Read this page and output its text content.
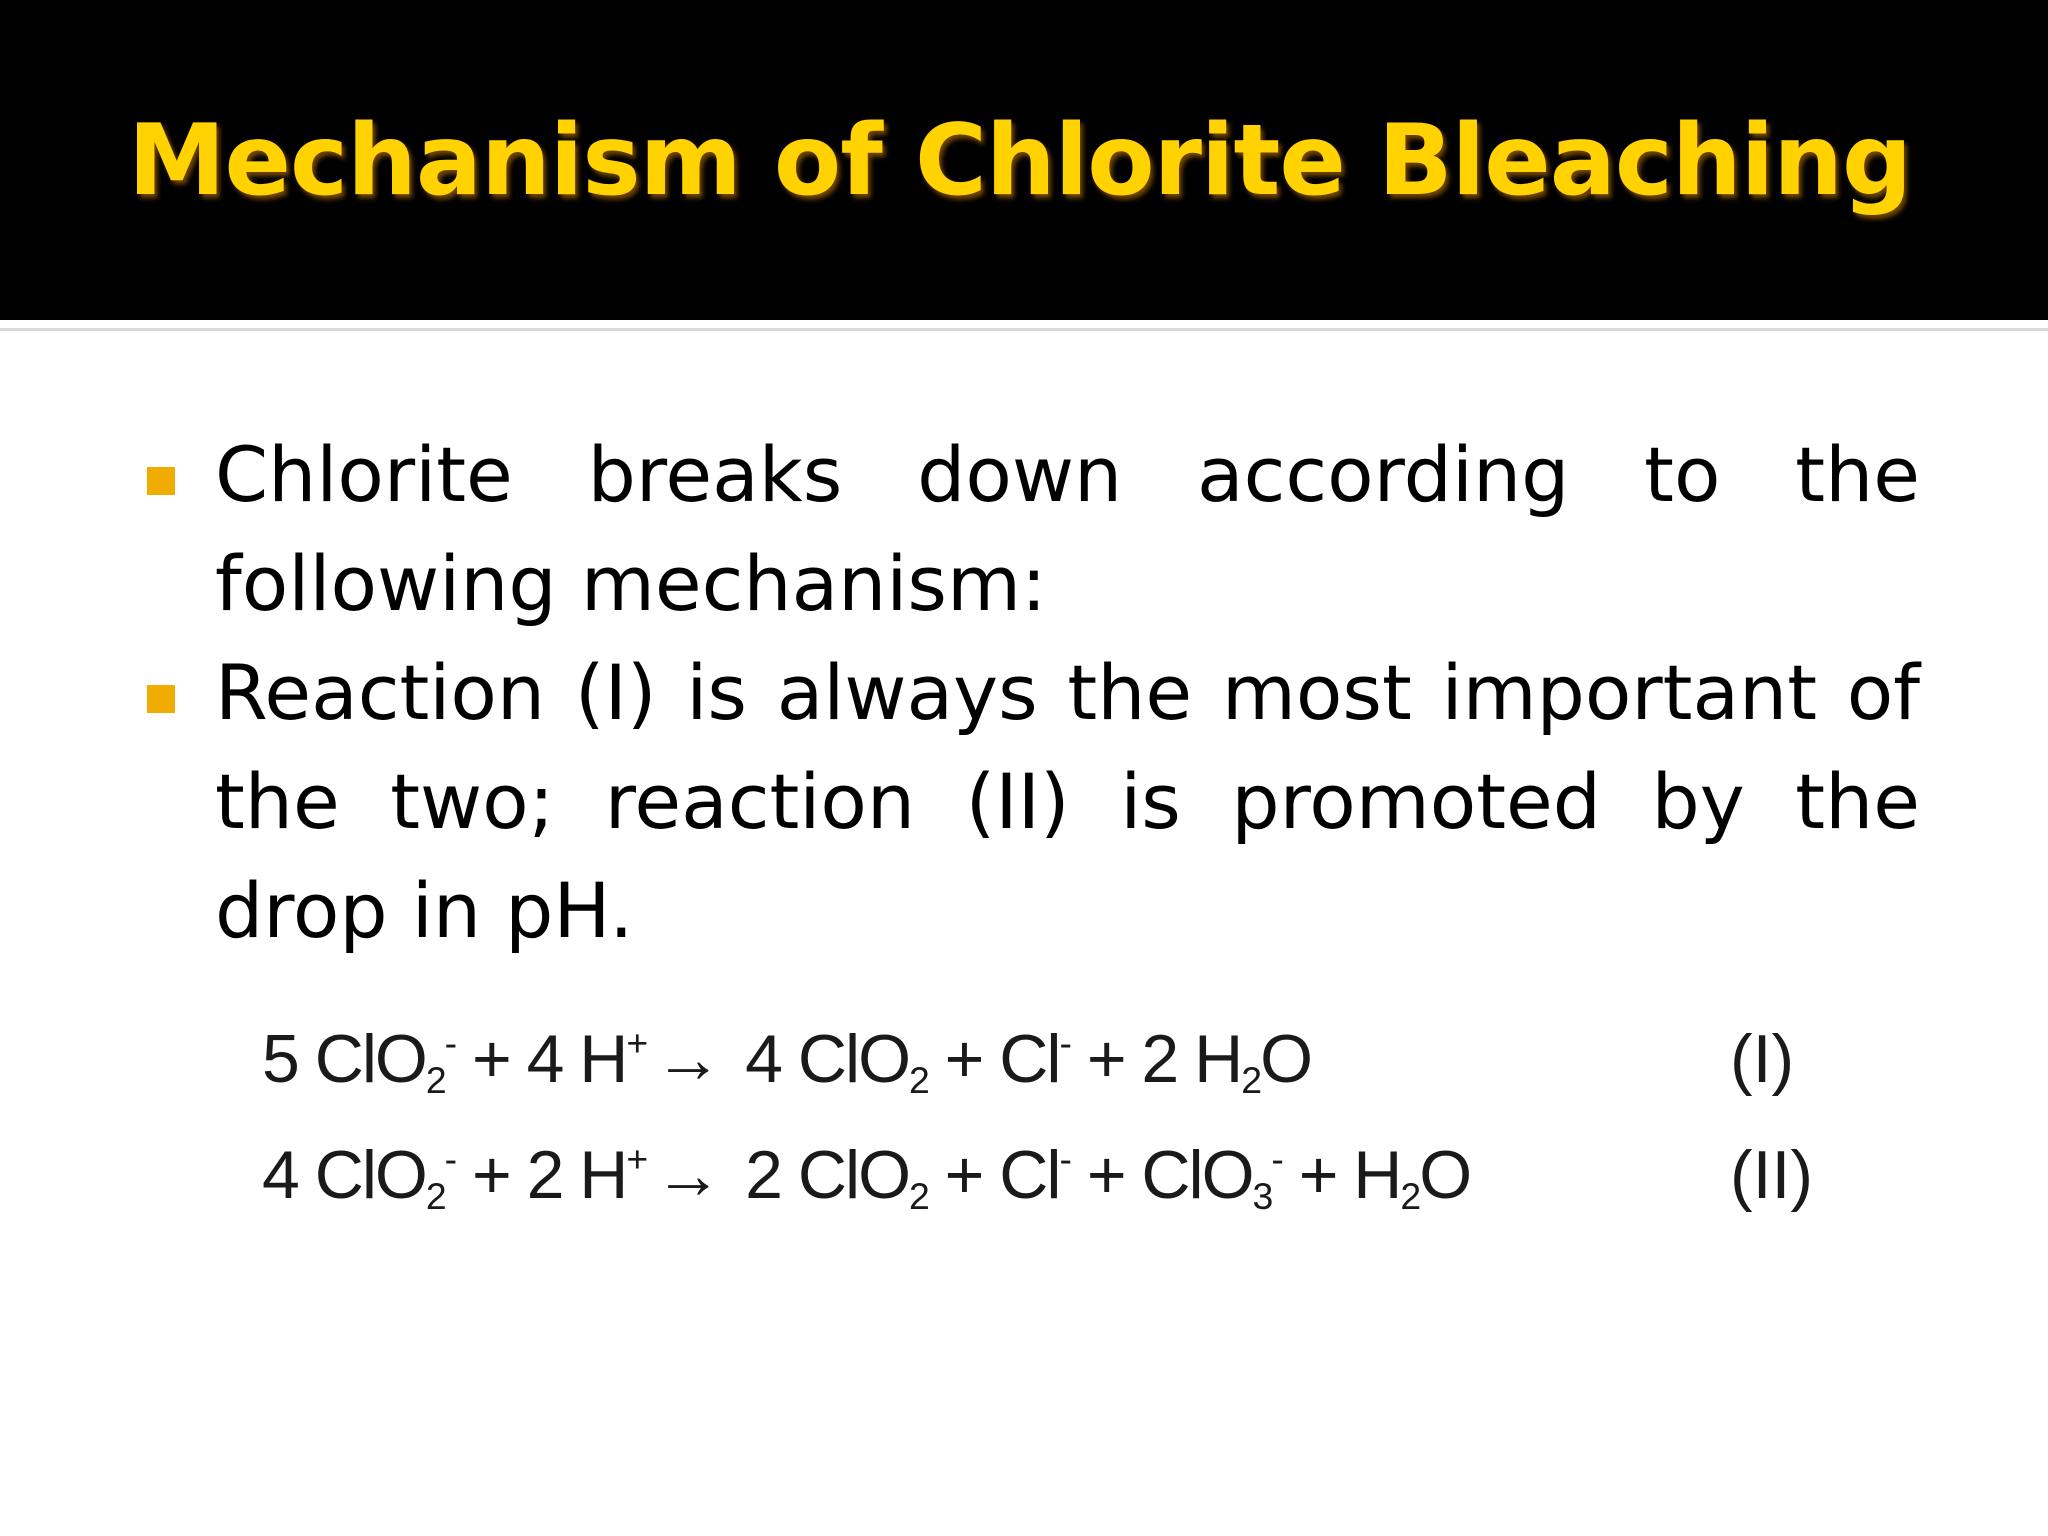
Mechanism of Chlorite Bleaching
Chlorite breaks down according to the following mechanism:
Reaction (I) is always the most important of the two; reaction (II) is promoted by the drop in pH.
5 ClO$_2$- + 4 H+ → 4 ClO$_2$ + Cl- + 2 $H_2O$	(I)
4 ClO$_2$- + 2 H+ → 2 $ClO_2 + Cl^- + ClO_3^- + H_2O$	(II)
